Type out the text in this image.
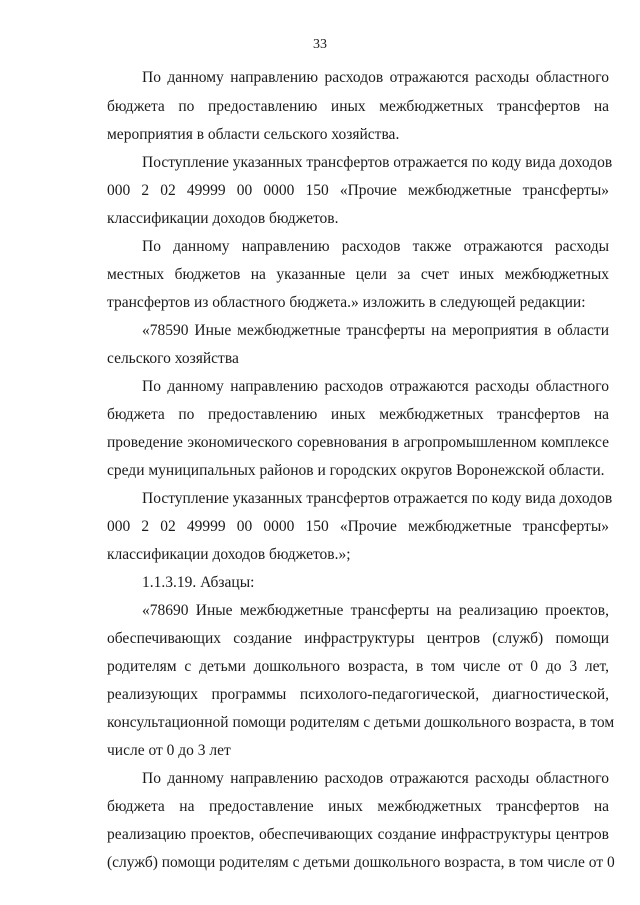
33
По данному направлению расходов отражаются расходы областного
бюджета по предоставлению иных межбюджетных трансфертов на
мероприятия в области сельского хозяйства.
Поступление указанных трансфертов отражается по коду вида доходов
000 2 02 49999 00 0000 150 «Прочие межбюджетные трансферты»
классификации доходов бюджетов.
По данному направлению расходов также отражаются расходы
местных бюджетов на указанные цели за счет иных межбюджетных
трансфертов из областного бюджета.» изложить в следующей редакции:
«78590 Иные межбюджетные трансферты на мероприятия в области
сельского хозяйства
По данному направлению расходов отражаются расходы областного
бюджета по предоставлению иных межбюджетных трансфертов на
проведение экономического соревнования в агропромышленном комплексе
среди муниципальных районов и городских округов Воронежской области.
Поступление указанных трансфертов отражается по коду вида доходов
000 2 02 49999 00 0000 150 «Прочие межбюджетные трансферты»
классификации доходов бюджетов.»;
1.1.3.19. Абзацы:
«78690 Иные межбюджетные трансферты на реализацию проектов,
обеспечивающих создание инфраструктуры центров (служб) помощи
родителям с детьми дошкольного возраста, в том числе от 0 до 3 лет,
реализующих программы психолого-педагогической, диагностической,
консультационной помощи родителям с детьми дошкольного возраста, в том
числе от 0 до 3 лет
По данному направлению расходов отражаются расходы областного
бюджета на предоставление иных межбюджетных трансфертов на
реализацию проектов, обеспечивающих создание инфраструктуры центров
(служб) помощи родителям с детьми дошкольного возраста, в том числе от 0
